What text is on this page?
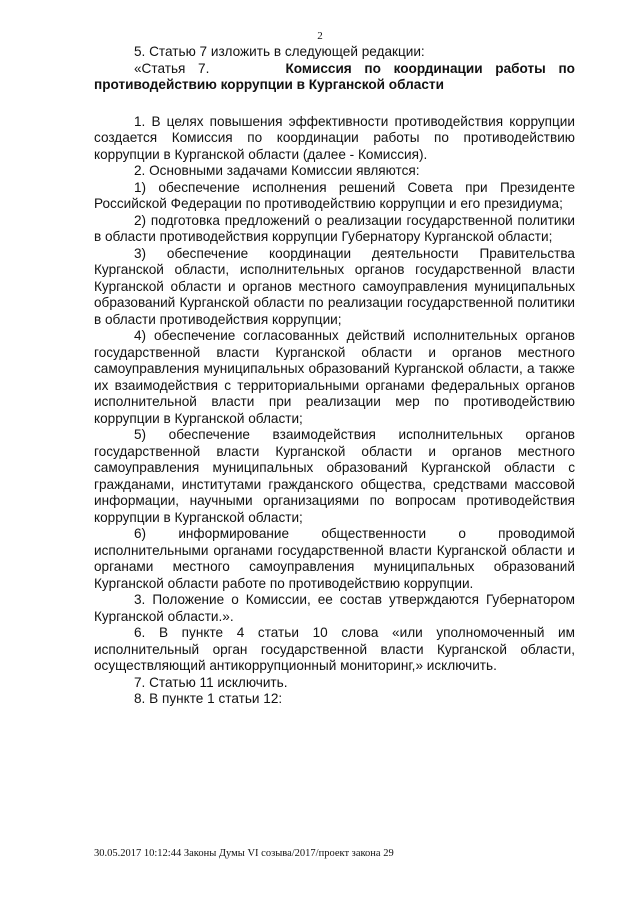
2

5. Статью 7 изложить в следующей редакции:

«Статья 7.	Комиссия по координации работы по противодействию коррупции в Курганской области

1. В целях повышения эффективности противодействия коррупции создается Комиссия по координации работы по противодействию коррупции в Курганской области (далее - Комиссия).

2. Основными задачами Комиссии являются:

1) обеспечение исполнения решений Совета при Президенте Российской Федерации по противодействию коррупции и его президиума;

2) подготовка предложений о реализации государственной политики в области противодействия коррупции Губернатору Курганской области;

3) обеспечение координации деятельности Правительства Курганской области, исполнительных органов государственной власти Курганской области и органов местного самоуправления муниципальных образований Курганской области по реализации государственной политики в области противодействия коррупции;

4) обеспечение согласованных действий исполнительных органов государственной власти Курганской области и органов местного самоуправления муниципальных образований Курганской области, а также их взаимодействия с территориальными органами федеральных органов исполнительной власти при реализации мер по противодействию коррупции в Курганской области;

5) обеспечение взаимодействия исполнительных органов государственной власти Курганской области и органов местного самоуправления муниципальных образований Курганской области с гражданами, институтами гражданского общества, средствами массовой информации, научными организациями по вопросам противодействия коррупции в Курганской области;

6) информирование общественности о проводимой исполнительными органами государственной власти Курганской области и органами местного самоуправления муниципальных образований Курганской области работе по противодействию коррупции.

3. Положение о Комиссии, ее состав утверждаются Губернатором Курганской области.».

6. В пункте 4 статьи 10 слова «или уполномоченный им исполнительный орган государственной власти Курганской области, осуществляющий антикоррупционный мониторинг,» исключить.

7. Статью 11 исключить.

8. В пункте 1 статьи 12:

30.05.2017 10:12:44 Законы Думы VI созыва/2017/проект закона 29
